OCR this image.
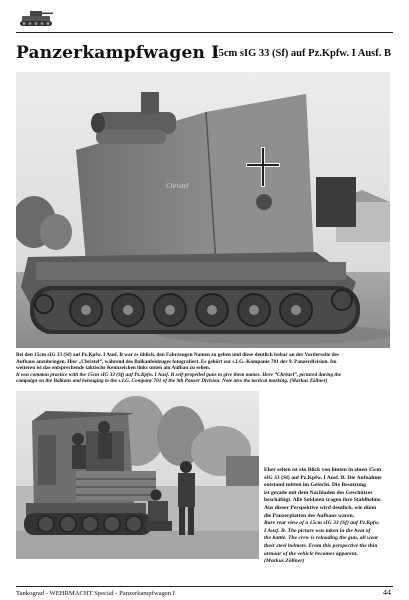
Panzerkampfwagen I
15cm sIG 33 (Sf) auf Pz.Kpfw. I Ausf. B
Christel

Bei den 15cm sIG 33 (Sf) auf Pz.Kpfw. I Ausf. B war es üblich, den Fahrzeugen Namen zu geben und diese deutlich lesbar an der Vorderseite des

Aufbaus anzubringen. Hier „Christel“, während des Balkanfeldzuges fotografiert. Es gehört zur s.I.G.-Kompanie 701 der 9. Panzerdivision. Im

weiteren ist das entsprechende taktische Kennzeichen links unten am Aufbau zu sehen.

It was common practice with the 15cm sIG 33 (Sf) auf Pz.Kpfw. I Ausf. B self-propelled guns to give them names. Here “Christel”, pictured during the

campaign on the Balkans and belonging to the s.I.G. Company 701 of the 9th Panzer Division. Note also the tactical marking. (Markus Zöllner)

Eher selten ist ein Blick von hinten in einen 15cm

sIG 33 (Sf) auf Pz.Kpfw. I Ausf. B. Die Aufnahme

entstand mitten im Gefecht. Die Besatzung

ist gerade mit dem Nachladen des Geschützes

beschäftigt. Alle Soldaten tragen ihre Stahlhelme.

Aus dieser Perspektive wird deutlich, wie dünn

die Panzerplatten des Aufbaus waren.

Rare rear view of a 15cm sIG 33 (Sf) auf Pz.Kpfw.

I Ausf. B. The picture was taken in the heat of

the battle. The crew is reloading the gun, all wear

their steel helmets. From this perspective the thin

armour of the vehicle becomes apparent.

(Markus Zöllner)

Tankograd - WEHRMACHT Special - Panzerkampfwagen I	44
